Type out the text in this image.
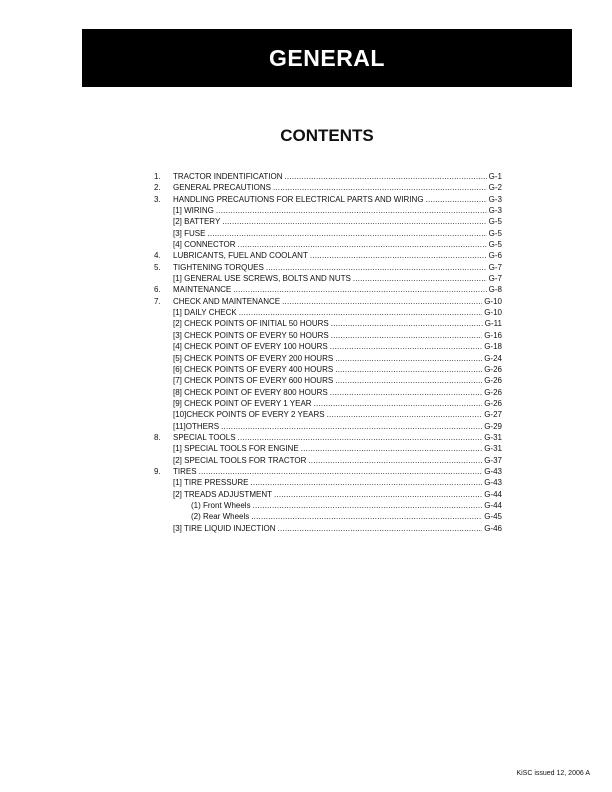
GENERAL
CONTENTS
1.	TRACTOR INDENTIFICATION .....	G-1
2.	GENERAL PRECAUTIONS .....	G-2
3.	HANDLING PRECAUTIONS FOR ELECTRICAL PARTS AND WIRING .....	G-3
[1] WIRING .....	G-3
[2] BATTERY .....	G-5
[3] FUSE .....	G-5
[4] CONNECTOR .....	G-5
4.	LUBRICANTS, FUEL AND COOLANT .....	G-6
5.	TIGHTENING TORQUES .....	G-7
[1] GENERAL USE SCREWS, BOLTS AND NUTS .....	G-7
6.	MAINTENANCE .....	G-8
7.	CHECK AND MAINTENANCE .....	G-10
[1] DAILY CHECK .....	G-10
[2] CHECK POINTS OF INITIAL 50 HOURS .....	G-11
[3] CHECK POINTS OF EVERY 50 HOURS .....	G-16
[4] CHECK POINT OF EVERY 100 HOURS .....	G-18
[5] CHECK POINTS OF EVERY 200 HOURS .....	G-24
[6] CHECK POINTS OF EVERY 400 HOURS .....	G-26
[7] CHECK POINTS OF EVERY 600 HOURS .....	G-26
[8] CHECK POINT OF EVERY 800 HOURS .....	G-26
[9] CHECK POINT OF EVERY 1 YEAR .....	G-26
[10]CHECK POINTS OF EVERY 2 YEARS .....	G-27
[11]OTHERS .....	G-29
8.	SPECIAL TOOLS .....	G-31
[1] SPECIAL TOOLS FOR ENGINE .....	G-31
[2] SPECIAL TOOLS FOR TRACTOR .....	G-37
9.	TIRES .....	G-43
[1] TIRE PRESSURE .....	G-43
[2] TREADS ADJUSTMENT .....	G-44
(1) Front Wheels .....	G-44
(2) Rear Wheels .....	G-45
[3] TIRE LIQUID INJECTION .....	G-46
KiSC issued 12, 2006 A
